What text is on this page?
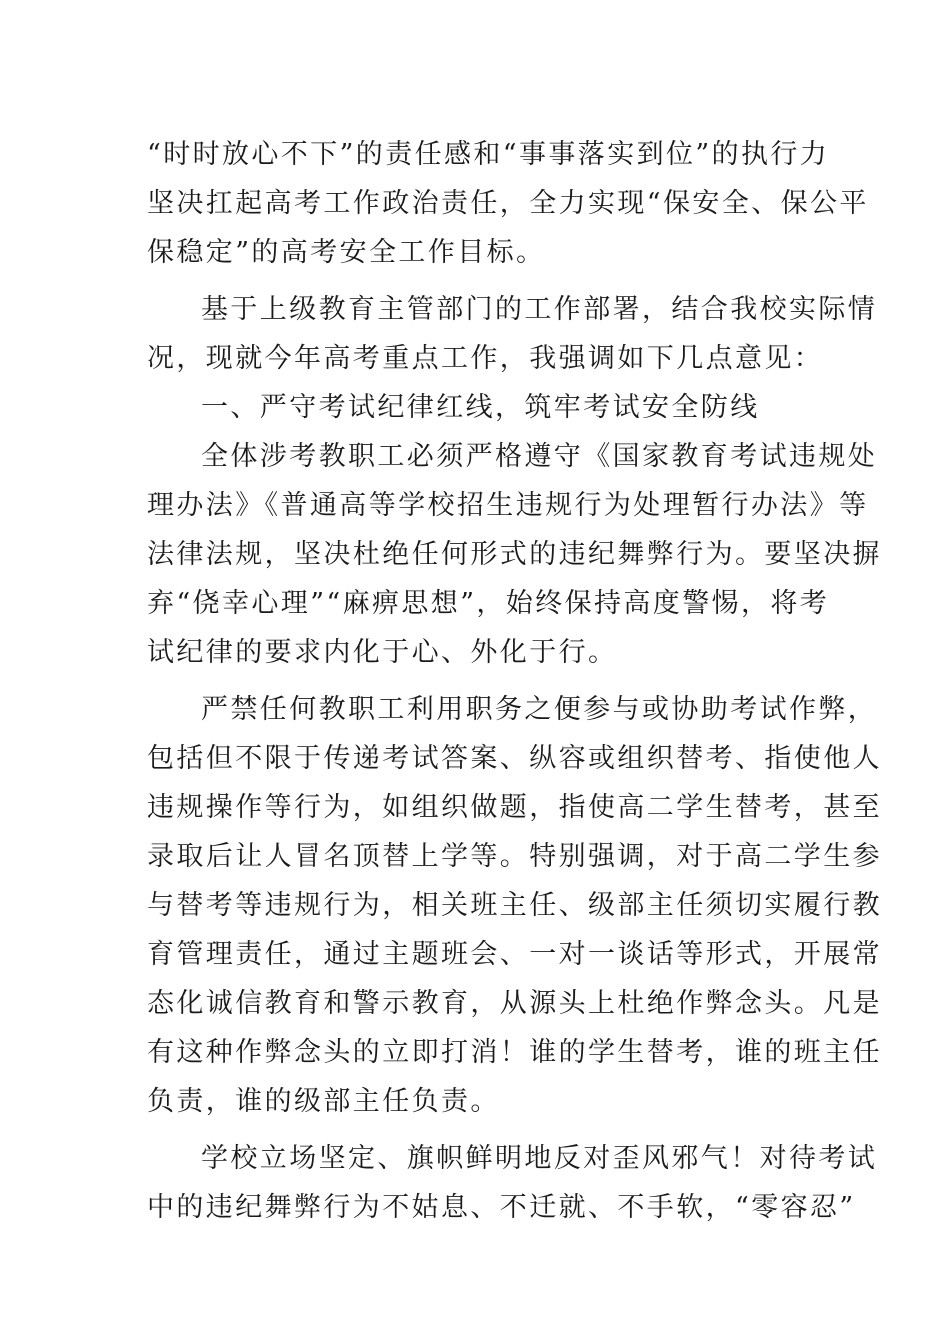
“时时放心不下”的责任感和“事事落实到位”的执行力
坚决扛起高考工作政治责任，全力实现“保安全、保公平
保稳定”的高考安全工作目标。
基于上级教育主管部门的工作部署，结合我校实际情
况，现就今年高考重点工作，我强调如下几点意见：
一、严守考试纪律红线，筑牢考试安全防线
全体涉考教职工必须严格遵守《国家教育考试违规处
理办法》《普通高等学校招生违规行为处理暂行办法》等
法律法规，坚决杜绝任何形式的违纪舞弊行为。要坚决摒
弃“侥幸心理”“麻痹思想”，始终保持高度警惕，将考
试纪律的要求内化于心、外化于行。
严禁任何教职工利用职务之便参与或协助考试作弊，
包括但不限于传递考试答案、纵容或组织替考、指使他人
违规操作等行为，如组织做题，指使高二学生替考，甚至
录取后让人冒名顶替上学等。特别强调，对于高二学生参
与替考等违规行为，相关班主任、级部主任须切实履行教
育管理责任，通过主题班会、一对一谈话等形式，开展常
态化诚信教育和警示教育，从源头上杜绝作弊念头。凡是
有这种作弊念头的立即打消！谁的学生替考，谁的班主任
负责，谁的级部主任负责。
学校立场坚定、旗帜鲜明地反对歪风邪气！对待考试
中的违纪舞弊行为不姑息、不迁就、不手软，“零容忍”
